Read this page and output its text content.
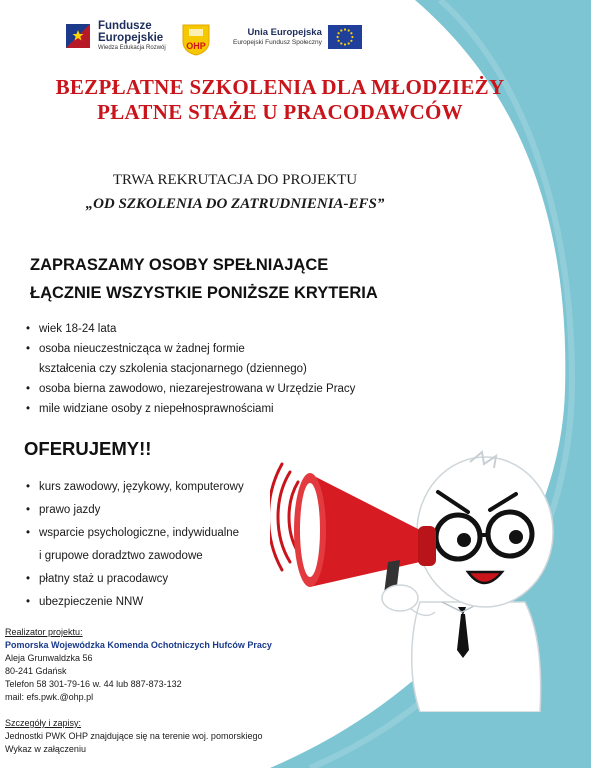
Fundusze
Europejskie
Wiedza Edukacja Rozwój	OHP
Unia Europejska
Europejski Fundusz Społeczny
BEZPŁATNE SZKOLENIA DLA MŁODZIEŻY
PŁATNE STAŻE U PRACODAWCÓW
TRWA REKRUTACJA DO PROJEKTU
„OD SZKOLENIA DO ZATRUDNIENIA-EFS”
ZAPRASZAMY OSOBY SPEŁNIAJĄCE
ŁĄCZNIE WSZYSTKIE PONIŻSZE KRYTERIA
• wiek 18-24 lata
• osoba nieuczestnicząca w żadnej formie
kształcenia czy szkolenia stacjonarnego (dziennego)
• osoba bierna zawodowo, niezarejestrowana w Urzędzie Pracy
• mile widziane osoby z niepełnosprawnościami
OFERUJEMY!!
• kurs zawodowy, językowy, komputerowy
• prawo jazdy
• wsparcie psychologiczne, indywidualne
i grupowe doradztwo zawodowe
• płatny staż u pracodawcy
• ubezpieczenie NNW
Realizator projektu:
Pomorska Wojewódzka Komenda Ochotniczych Hufców Pracy
Aleja Grunwaldzka 56
80-241 Gdańsk
Telefon 58 301-79-16 w. 44 lub 887-873-132
mail: efs.pwk.@ohp.pl
Szczegóły i zapisy:
Jednostki PWK OHP znajdujące się na terenie woj. pomorskiego
Wykaz w załączeniu
